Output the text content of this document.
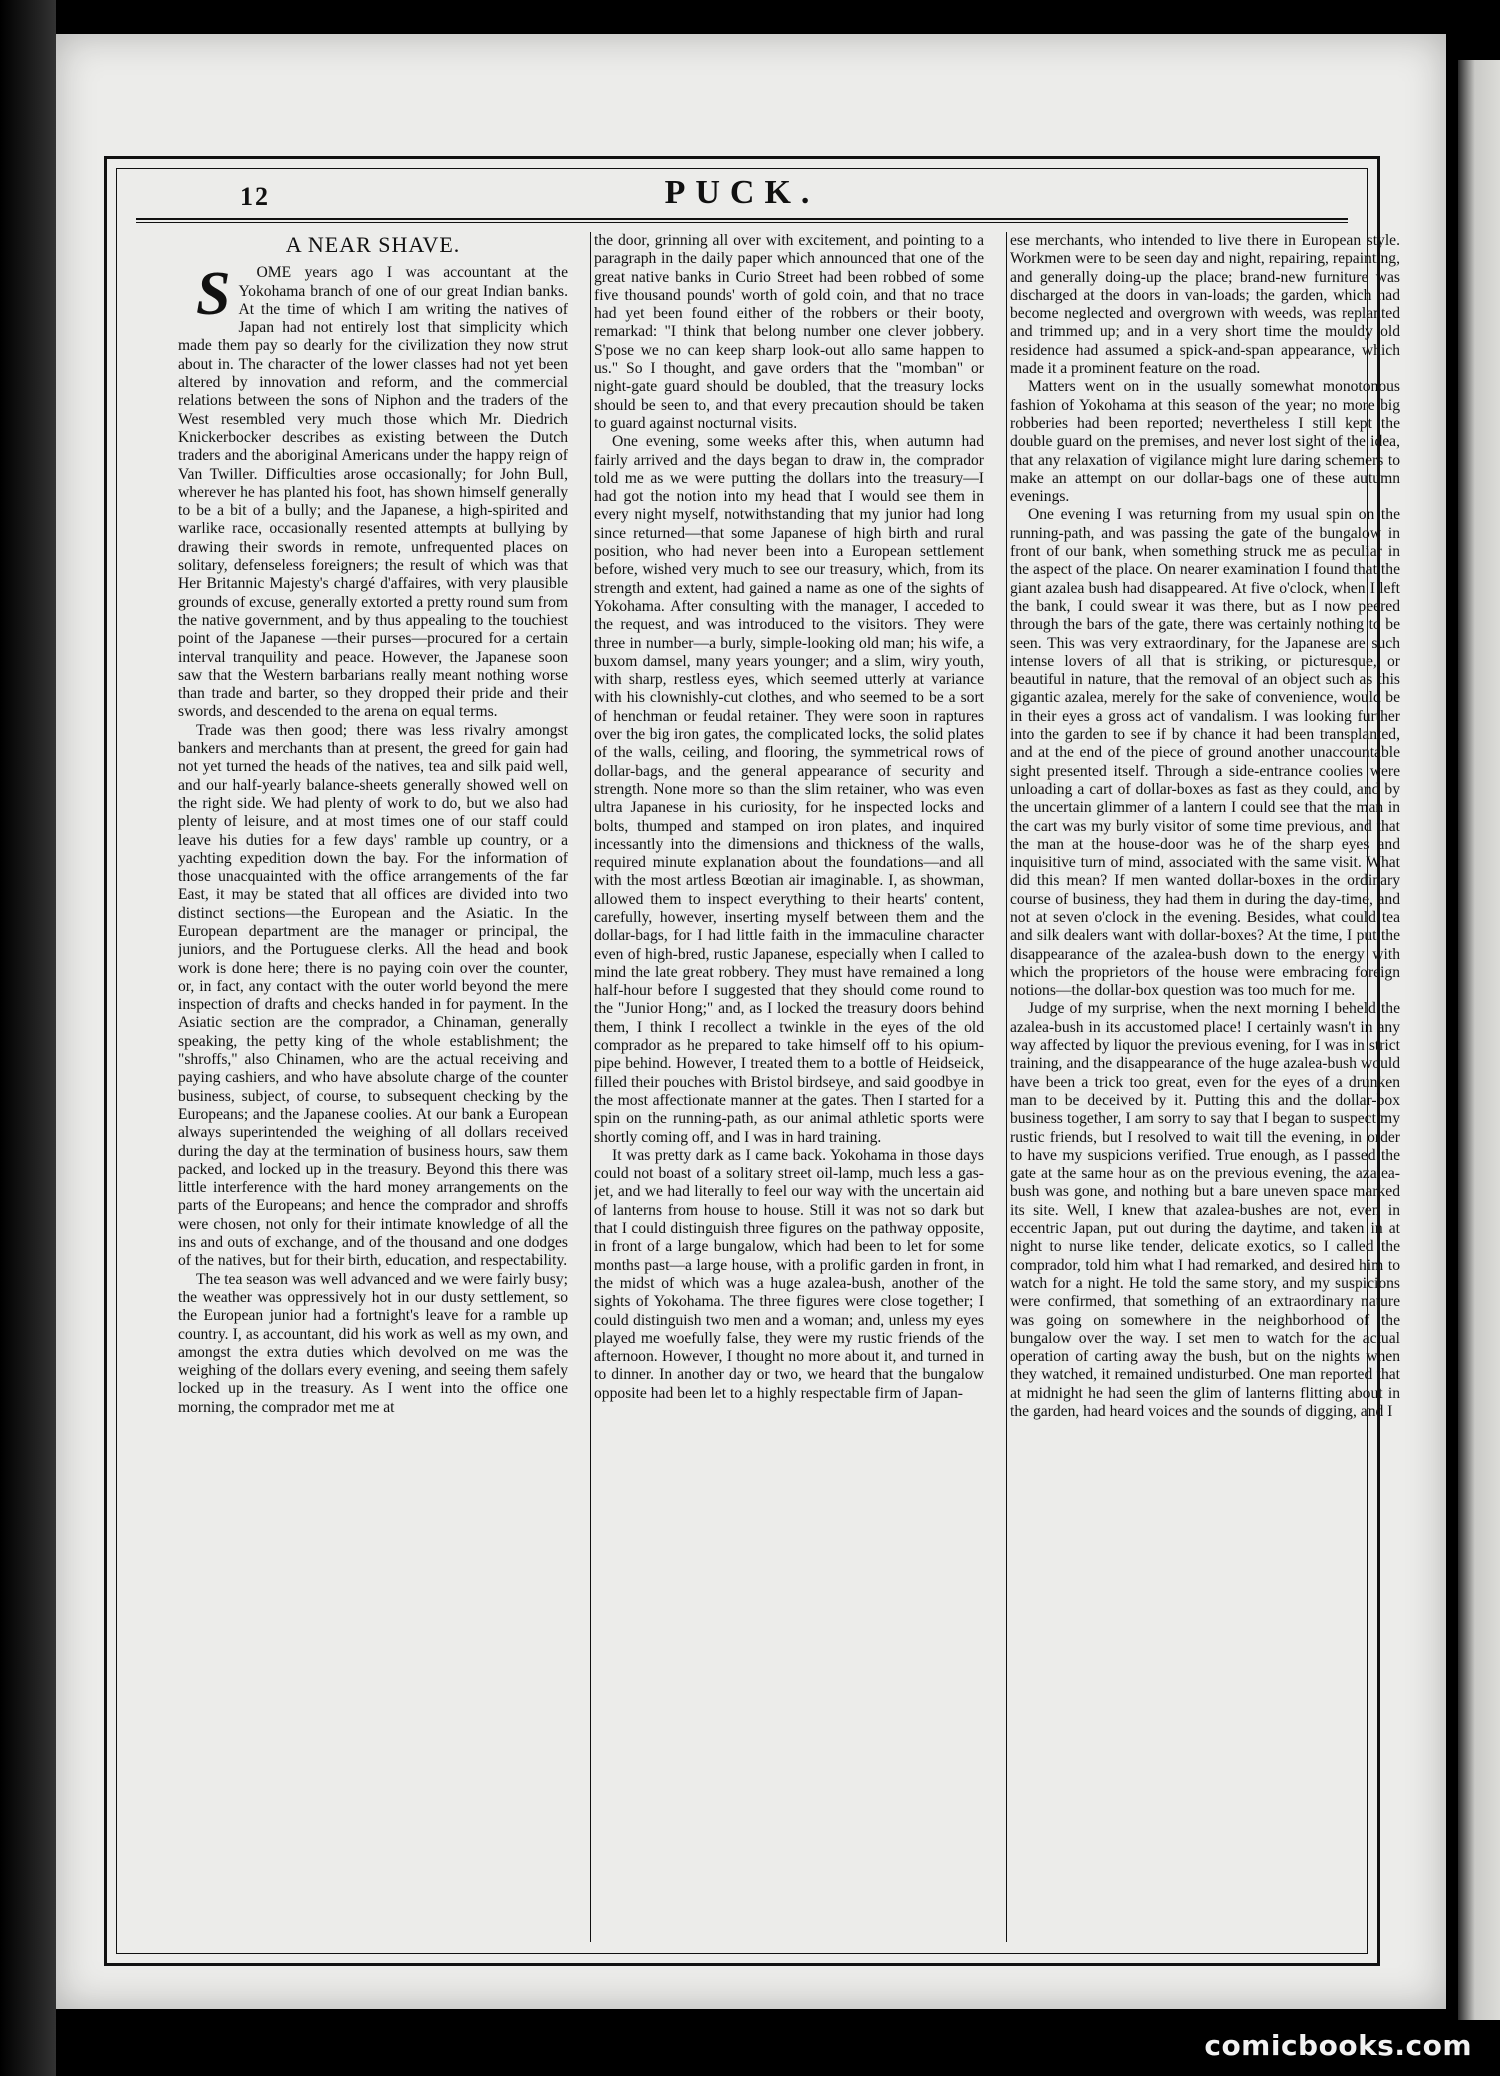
12	PUCK.
A NEAR SHAVE.

S OME years ago I was accountant at the Yokohama branch of one of our great Indian banks. At the time of which I am writing the natives of Japan had not entirely lost that simplicity which made them pay so dearly for the civilization they now strut about in. The character of the lower classes had not yet been altered by innovation and reform, and the commercial relations between the sons of Niphon and the traders of the West resembled very much those which Mr. Diedrich Knickerbocker describes as existing between the Dutch traders and the aboriginal Americans under the happy reign of Van Twiller. Difficulties arose occasionally; for John Bull, wherever he has planted his foot, has shown himself generally to be a bit of a bully; and the Japanese, a high-spirited and warlike race, occasionally resented attempts at bullying by drawing their swords in remote, unfrequented places on solitary, defenseless foreigners; the result of which was that Her Britannic Majesty's chargé d'affaires, with very plausible grounds of excuse, generally extorted a pretty round sum from the native government, and by thus appealing to the touchiest point of the Japanese —their purses—procured for a certain interval tranquility and peace. However, the Japanese soon saw that the Western barbarians really meant nothing worse than trade and barter, so they dropped their pride and their swords, and descended to the arena on equal terms.

Trade was then good; there was less rivalry amongst bankers and merchants than at present, the greed for gain had not yet turned the heads of the natives, tea and silk paid well, and our half-yearly balance-sheets generally showed well on the right side. We had plenty of work to do, but we also had plenty of leisure, and at most times one of our staff could leave his duties for a few days' ramble up country, or a yachting expedition down the bay. For the information of those unacquainted with the office arrangements of the far East, it may be stated that all offices are divided into two distinct sections—the European and the Asiatic. In the European department are the manager or principal, the juniors, and the Portuguese clerks. All the head and book work is done here; there is no paying coin over the counter, or, in fact, any contact with the outer world beyond the mere inspection of drafts and checks handed in for payment. In the Asiatic section are the comprador, a Chinaman, generally speaking, the petty king of the whole establishment; the "shroffs," also Chinamen, who are the actual receiving and paying cashiers, and who have absolute charge of the counter business, subject, of course, to subsequent checking by the Europeans; and the Japanese coolies. At our bank a European always superintended the weighing of all dollars received during the day at the termination of business hours, saw them packed, and locked up in the treasury. Beyond this there was little interference with the hard money arrangements on the parts of the Europeans; and hence the comprador and shroffs were chosen, not only for their intimate knowledge of all the ins and outs of exchange, and of the thousand and one dodges of the natives, but for their birth, education, and respectability.

The tea season was well advanced and we were fairly busy; the weather was oppressively hot in our dusty settlement, so the European junior had a fortnight's leave for a ramble up country. I, as accountant, did his work as well as my own, and amongst the extra duties which devolved on me was the weighing of the dollars every evening, and seeing them safely locked up in the treasury. As I went into the office one morning, the comprador met me at

the door, grinning all over with excitement, and pointing to a paragraph in the daily paper which announced that one of the great native banks in Curio Street had been robbed of some five thousand pounds' worth of gold coin, and that no trace had yet been found either of the robbers or their booty, remarkad: "I think that belong number one clever jobbery. S'pose we no can keep sharp look-out allo same happen to us." So I thought, and gave orders that the "momban" or night-gate guard should be doubled, that the treasury locks should be seen to, and that every precaution should be taken to guard against nocturnal visits.

One evening, some weeks after this, when autumn had fairly arrived and the days began to draw in, the comprador told me as we were putting the dollars into the treasury—I had got the notion into my head that I would see them in every night myself, notwithstanding that my junior had long since returned—that some Japanese of high birth and rural position, who had never been into a European settlement before, wished very much to see our treasury, which, from its strength and extent, had gained a name as one of the sights of Yokohama. After consulting with the manager, I acceded to the request, and was introduced to the visitors. They were three in number—a burly, simple-looking old man; his wife, a buxom damsel, many years younger; and a slim, wiry youth, with sharp, restless eyes, which seemed utterly at variance with his clownishly-cut clothes, and who seemed to be a sort of henchman or feudal retainer. They were soon in raptures over the big iron gates, the complicated locks, the solid plates of the walls, ceiling, and flooring, the symmetrical rows of dollar-bags, and the general appearance of security and strength. None more so than the slim retainer, who was even ultra Japanese in his curiosity, for he inspected locks and bolts, thumped and stamped on iron plates, and inquired incessantly into the dimensions and thickness of the walls, required minute explanation about the foundations—and all with the most artless Bœotian air imaginable. I, as showman, allowed them to inspect everything to their hearts' content, carefully, however, inserting myself between them and the dollar-bags, for I had little faith in the immaculine character even of high-bred, rustic Japanese, especially when I called to mind the late great robbery. They must have remained a long half-hour before I suggested that they should come round to the "Junior Hong;" and, as I locked the treasury doors behind them, I think I recollect a twinkle in the eyes of the old comprador as he prepared to take himself off to his opium-pipe behind. However, I treated them to a bottle of Heidseick, filled their pouches with Bristol birdseye, and said goodbye in the most affectionate manner at the gates. Then I started for a spin on the running-path, as our animal athletic sports were shortly coming off, and I was in hard training.

It was pretty dark as I came back. Yokohama in those days could not boast of a solitary street oil-lamp, much less a gas-jet, and we had literally to feel our way with the uncertain aid of lanterns from house to house. Still it was not so dark but that I could distinguish three figures on the pathway opposite, in front of a large bungalow, which had been to let for some months past—a large house, with a prolific garden in front, in the midst of which was a huge azalea-bush, another of the sights of Yokohama. The three figures were close together; I could distinguish two men and a woman; and, unless my eyes played me woefully false, they were my rustic friends of the afternoon. However, I thought no more about it, and turned in to dinner. In another day or two, we heard that the bungalow opposite had been let to a highly respectable firm of Japan-

ese merchants, who intended to live there in European style. Workmen were to be seen day and night, repairing, repainting, and generally doing-up the place; brand-new furniture was discharged at the doors in van-loads; the garden, which had become neglected and overgrown with weeds, was replanted and trimmed up; and in a very short time the mouldy old residence had assumed a spick-and-span appearance, which made it a prominent feature on the road.

Matters went on in the usually somewhat monotonous fashion of Yokohama at this season of the year; no more big robberies had been reported; nevertheless I still kept the double guard on the premises, and never lost sight of the idea, that any relaxation of vigilance might lure daring schemers to make an attempt on our dollar-bags one of these autumn evenings.

One evening I was returning from my usual spin on the running-path, and was passing the gate of the bungalow in front of our bank, when something struck me as peculiar in the aspect of the place. On nearer examination I found that the giant azalea bush had disappeared. At five o'clock, when I left the bank, I could swear it was there, but as I now peered through the bars of the gate, there was certainly nothing to be seen. This was very extraordinary, for the Japanese are such intense lovers of all that is striking, or picturesque, or beautiful in nature, that the removal of an object such as this gigantic azalea, merely for the sake of convenience, would be in their eyes a gross act of vandalism. I was looking further into the garden to see if by chance it had been transplanted, and at the end of the piece of ground another unaccountable sight presented itself. Through a side-entrance coolies were unloading a cart of dollar-boxes as fast as they could, and by the uncertain glimmer of a lantern I could see that the man in the cart was my burly visitor of some time previous, and that the man at the house-door was he of the sharp eyes and inquisitive turn of mind, associated with the same visit. What did this mean? If men wanted dollar-boxes in the ordinary course of business, they had them in during the day-time, and not at seven o'clock in the evening. Besides, what could tea and silk dealers want with dollar-boxes? At the time, I put the disappearance of the azalea-bush down to the energy with which the proprietors of the house were embracing foreign notions—the dollar-box question was too much for me.

Judge of my surprise, when the next morning I beheld the azalea-bush in its accustomed place! I certainly wasn't in any way affected by liquor the previous evening, for I was in strict training, and the disappearance of the huge azalea-bush would have been a trick too great, even for the eyes of a drunken man to be deceived by it. Putting this and the dollar-box business together, I am sorry to say that I began to suspect my rustic friends, but I resolved to wait till the evening, in order to have my suspicions verified. True enough, as I passed the gate at the same hour as on the previous evening, the azalea-bush was gone, and nothing but a bare uneven space marked its site. Well, I knew that azalea-bushes are not, even in eccentric Japan, put out during the daytime, and taken in at night to nurse like tender, delicate exotics, so I called the comprador, told him what I had remarked, and desired him to watch for a night. He told the same story, and my suspicions were confirmed, that something of an extraordinary nature was going on somewhere in the neighborhood of the bungalow over the way. I set men to watch for the actual operation of carting away the bush, but on the nights when they watched, it remained undisturbed. One man reported that at midnight he had seen the glim of lanterns flitting about in the garden, had heard voices and the sounds of digging, and I

comicbooks.com
